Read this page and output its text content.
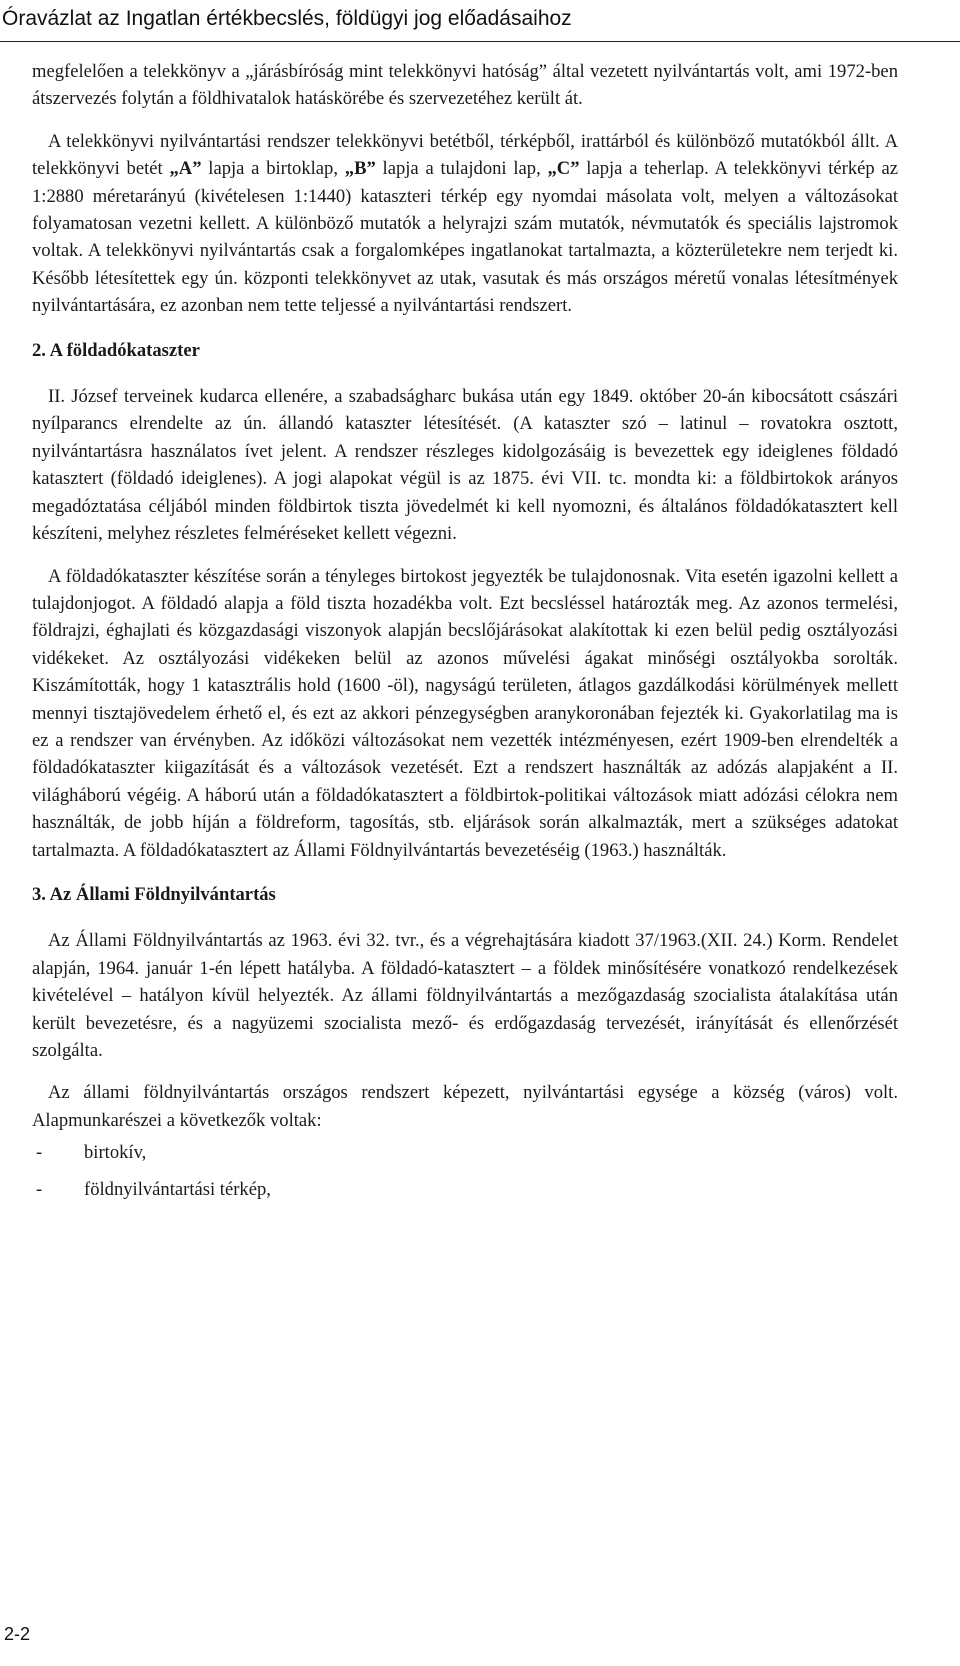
Óravázlat az Ingatlan értékbecslés, földügyi jog előadásaihoz

megfelelően a telekkönyv a „járásbíróság mint telekkönyvi hatóság” által vezetett nyilvántartás volt, ami 1972-ben átszervezés folytán a földhivatalok hatáskörébe és szervezetéhez került át.

A telekkönyvi nyilvántartási rendszer telekkönyvi betétből, térképből, irattárból és különböző mutatókból állt. A telekkönyvi betét „A” lapja a birtoklap, „B” lapja a tulajdoni lap, „C” lapja a teherlap. A telekkönyvi térkép az 1:2880 méretarányú (kivételesen 1:1440) kataszteri térkép egy nyomdai másolata volt, melyen a változásokat folyamatosan vezetni kellett. A különböző mutatók a helyrajzi szám mutatók, névmutatók és speciális lajstromok voltak. A telekkönyvi nyilvántartás csak a forgalomképes ingatlanokat tartalmazta, a közterületekre nem terjedt ki. Később létesítettek egy ún. központi telekkönyvet az utak, vasutak és más országos méretű vonalas létesítmények nyilvántartására, ez azonban nem tette teljessé a nyilvántartási rendszert.

2. A földadókataszter

II. József terveinek kudarca ellenére, a szabadságharc bukása után egy 1849. október 20-án kibocsátott császári nyílparancs elrendelte az ún. állandó kataszter létesítését. (A kataszter szó – latinul – rovatokra osztott, nyilvántartásra használatos ívet jelent. A rendszer részleges kidolgozásáig is bevezettek egy ideiglenes földadó katasztert (földadó ideiglenes). A jogi alapokat végül is az 1875. évi VII. tc. mondta ki: a földbirtokok arányos megadóztatása céljából minden földbirtok tiszta jövedelmét ki kell nyomozni, és általános földadókatasztert kell készíteni, melyhez részletes felméréseket kellett végezni.

A földadókataszter készítése során a tényleges birtokost jegyezték be tulajdonosnak. Vita esetén igazolni kellett a tulajdonjogot. A földadó alapja a föld tiszta hozadékba volt. Ezt becsléssel határozták meg. Az azonos termelési, földrajzi, éghajlati és közgazdasági viszonyok alapján becslőjárásokat alakítottak ki ezen belül pedig osztályozási vidékeket. Az osztályozási vidékeken belül az azonos művelési ágakat minőségi osztályokba sorolták. Kiszámították, hogy 1 katasztrális hold (1600 -öl), nagyságú területen, átlagos gazdálkodási körülmények mellett mennyi tisztajövedelem érhető el, és ezt az akkori pénzegységben aranykoronában fejezték ki. Gyakorlatilag ma is ez a rendszer van érvényben. Az időközi változásokat nem vezették intézményesen, ezért 1909-ben elrendelték a földadókataszter kiigazítását és a változások vezetését. Ezt a rendszert használták az adózás alapjaként a II. világháború végéig. A háború után a földadókatasztert a földbirtok-politikai változások miatt adózási célokra nem használták, de jobb híján a földreform, tagosítás, stb. eljárások során alkalmazták, mert a szükséges adatokat tartalmazta. A földadókatasztert az Állami Földnyilvántartás bevezetéséig (1963.) használták.

3. Az Állami Földnyilvántartás

Az Állami Földnyilvántartás az 1963. évi 32. tvr., és a végrehajtására kiadott 37/1963.(XII. 24.) Korm. Rendelet alapján, 1964. január 1-én lépett hatályba. A földadó-katasztert – a földek minősítésére vonatkozó rendelkezések kivételével – hatályon kívül helyezték. Az állami földnyilvántartás a mezőgazdaság szocialista átalakítása után került bevezetésre, és a nagyüzemi szocialista mező- és erdőgazdaság tervezését, irányítását és ellenőrzését szolgálta.

Az állami földnyilvántartás országos rendszert képezett, nyilvántartási egysége a község (város) volt. Alapmunkarészei a következők voltak:

- birtokív,
- földnyilvántartási térkép,
2-2
